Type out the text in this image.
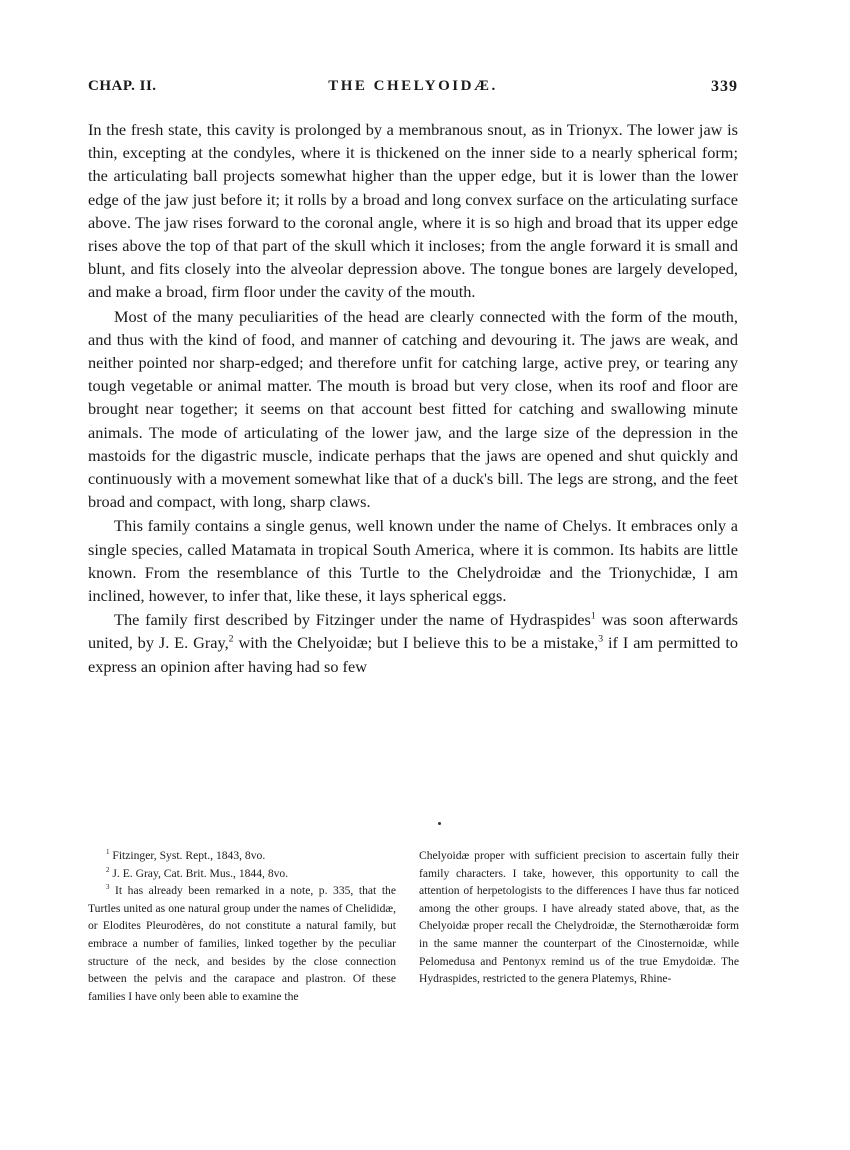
CHAP. II.	THE CHELYOIDÆ.	339

In the fresh state, this cavity is prolonged by a membranous snout, as in Trionyx. The lower jaw is thin, excepting at the condyles, where it is thickened on the inner side to a nearly spherical form; the articulating ball projects somewhat higher than the upper edge, but it is lower than the lower edge of the jaw just before it; it rolls by a broad and long convex surface on the articulating surface above. The jaw rises forward to the coronal angle, where it is so high and broad that its upper edge rises above the top of that part of the skull which it incloses; from the angle forward it is small and blunt, and fits closely into the alveolar depression above. The tongue bones are largely developed, and make a broad, firm floor under the cavity of the mouth.

Most of the many peculiarities of the head are clearly connected with the form of the mouth, and thus with the kind of food, and manner of catching and devouring it. The jaws are weak, and neither pointed nor sharp-edged; and therefore unfit for catching large, active prey, or tearing any tough vegetable or animal matter. The mouth is broad but very close, when its roof and floor are brought near together; it seems on that account best fitted for catching and swallowing minute animals. The mode of articulating of the lower jaw, and the large size of the depression in the mastoids for the digastric muscle, indicate perhaps that the jaws are opened and shut quickly and continuously with a movement somewhat like that of a duck's bill. The legs are strong, and the feet broad and compact, with long, sharp claws.

This family contains a single genus, well known under the name of Chelys. It embraces only a single species, called Matamata in tropical South America, where it is common. Its habits are little known. From the resemblance of this Turtle to the Chelydroidæ and the Trionychidæ, I am inclined, however, to infer that, like these, it lays spherical eggs.

The family first described by Fitzinger under the name of Hydraspides$^1$ was soon afterwards united, by J. E. Gray,$^2$ with the Chelyoidæ; but I believe this to be a mistake,$^3$ if I am permitted to express an opinion after having had so few

$^1$ Fitzinger, Syst. Rept., 1843, 8vo.

$^2$ J. E. Gray, Cat. Brit. Mus., 1844, 8vo.

$^3$ It has already been remarked in a note, p. 335, that the Turtles united as one natural group under the names of Chelididæ, or Elodites Pleurodères, do not constitute a natural family, but embrace a number of families, linked together by the peculiar structure of the neck, and besides by the close connection between the pelvis and the carapace and plastron. Of these families I have only been able to examine the

Chelyoidæ proper with sufficient precision to ascertain fully their family characters. I take, however, this opportunity to call the attention of herpetologists to the differences I have thus far noticed among the other groups. I have already stated above, that, as the Chelyoidæ proper recall the Chelydroidæ, the Sternothæroidæ form in the same manner the counterpart of the Cinosternoidæ, while Pelomedusa and Pentonyx remind us of the true Emydoidæ. The Hydraspides, restricted to the genera Platemys, Rhine-
